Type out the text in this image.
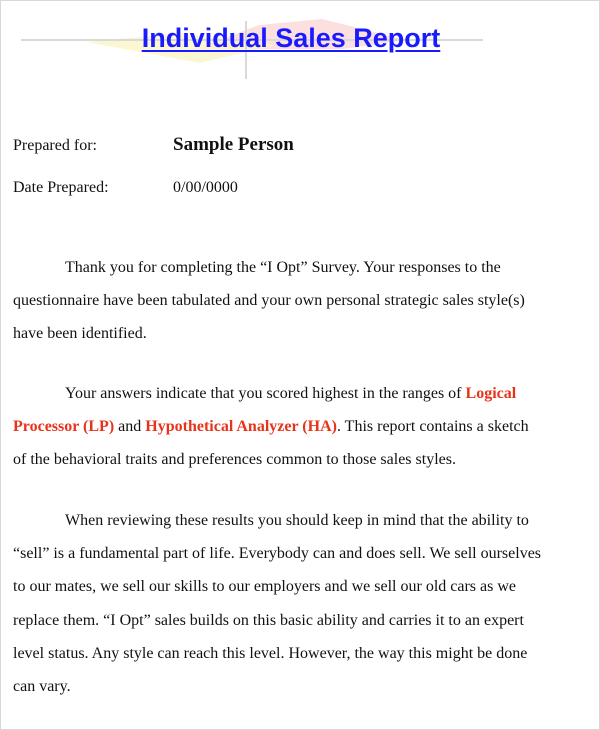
Individual Sales Report
Prepared for:	Sample Person
Date Prepared:	0/00/0000
Thank you for completing the “I Opt” Survey. Your responses to the
questionnaire have been tabulated and your own personal strategic sales style(s)
have been identified.
Your answers indicate that you scored highest in the ranges of Logical
Processor (LP) and Hypothetical Analyzer (HA). This report contains a sketch
of the behavioral traits and preferences common to those sales styles.
When reviewing these results you should keep in mind that the ability to
“sell” is a fundamental part of life. Everybody can and does sell. We sell ourselves
to our mates, we sell our skills to our employers and we sell our old cars as we
replace them. “I Opt” sales builds on this basic ability and carries it to an expert
level status. Any style can reach this level. However, the way this might be done
can vary.
